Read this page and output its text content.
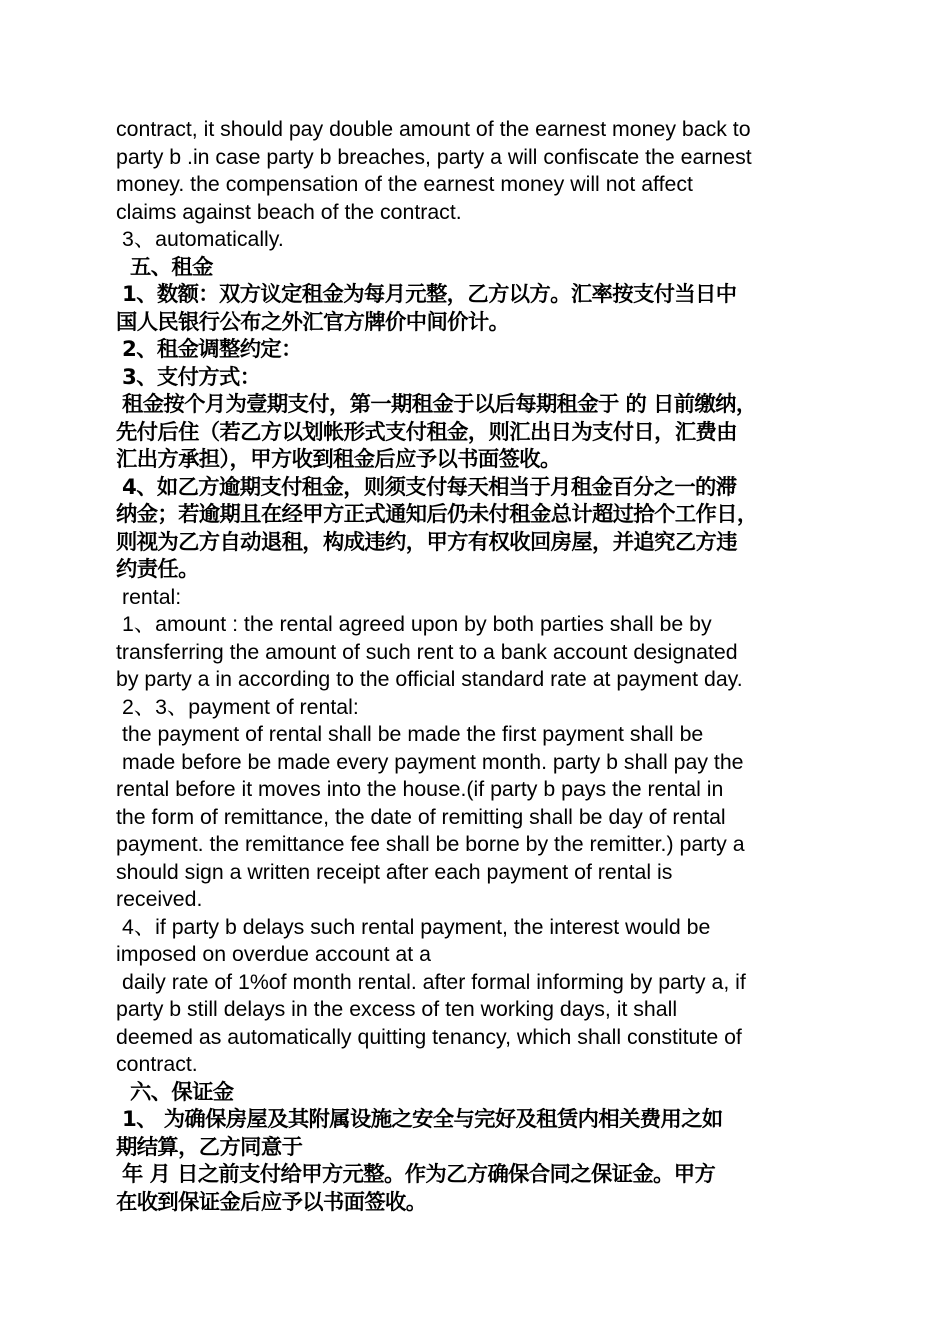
contract, it should pay double amount of the earnest money back to

party b .in case party b breaches, party a will confiscate the earnest

money. the compensation of the earnest money will not affect

claims against beach of the contract.

3、automatically.

五、租金

1、数额：双方议定租金为每月元整，乙方以方。汇率按支付当日中

国人民银行公布之外汇官方牌价中间价计。

2、租金调整约定：

3、支付方式：

租金按个月为壹期支付，第一期租金于以后每期租金于 的 日前缴纳，

先付后住（若乙方以划帐形式支付租金，则汇出日为支付日，汇费由

汇出方承担），甲方收到租金后应予以书面签收。

4、如乙方逾期支付租金，则须支付每天相当于月租金百分之一的滞

纳金；若逾期且在经甲方正式通知后仍未付租金总计超过拾个工作日，

则视为乙方自动退租，构成违约，甲方有权收回房屋，并追究乙方违

约责任。

rental:

1、amount : the rental agreed upon by both parties shall be by

transferring the amount of such rent to a bank account designated

by party a in according to the official standard rate at payment day.

2、3、payment of rental:

the payment of rental shall be made the first payment shall be

made before be made every payment month. party b shall pay the

rental before it moves into the house.(if party b pays the rental in

the form of remittance, the date of remitting shall be day of rental

payment. the remittance fee shall be borne by the remitter.) party a

should sign a written receipt after each payment of rental is

received.

4、if party b delays such rental payment, the interest would be

imposed on overdue account at a

daily rate of 1%of month rental. after formal informing by party a, if

party b still delays in the excess of ten working days, it shall

deemed as automatically quitting tenancy, which shall constitute of

contract.

六、保证金

1、 为确保房屋及其附属设施之安全与完好及租赁内相关费用之如

期结算，乙方同意于

年 月 日之前支付给甲方元整。作为乙方确保合同之保证金。甲方

在收到保证金后应予以书面签收。
